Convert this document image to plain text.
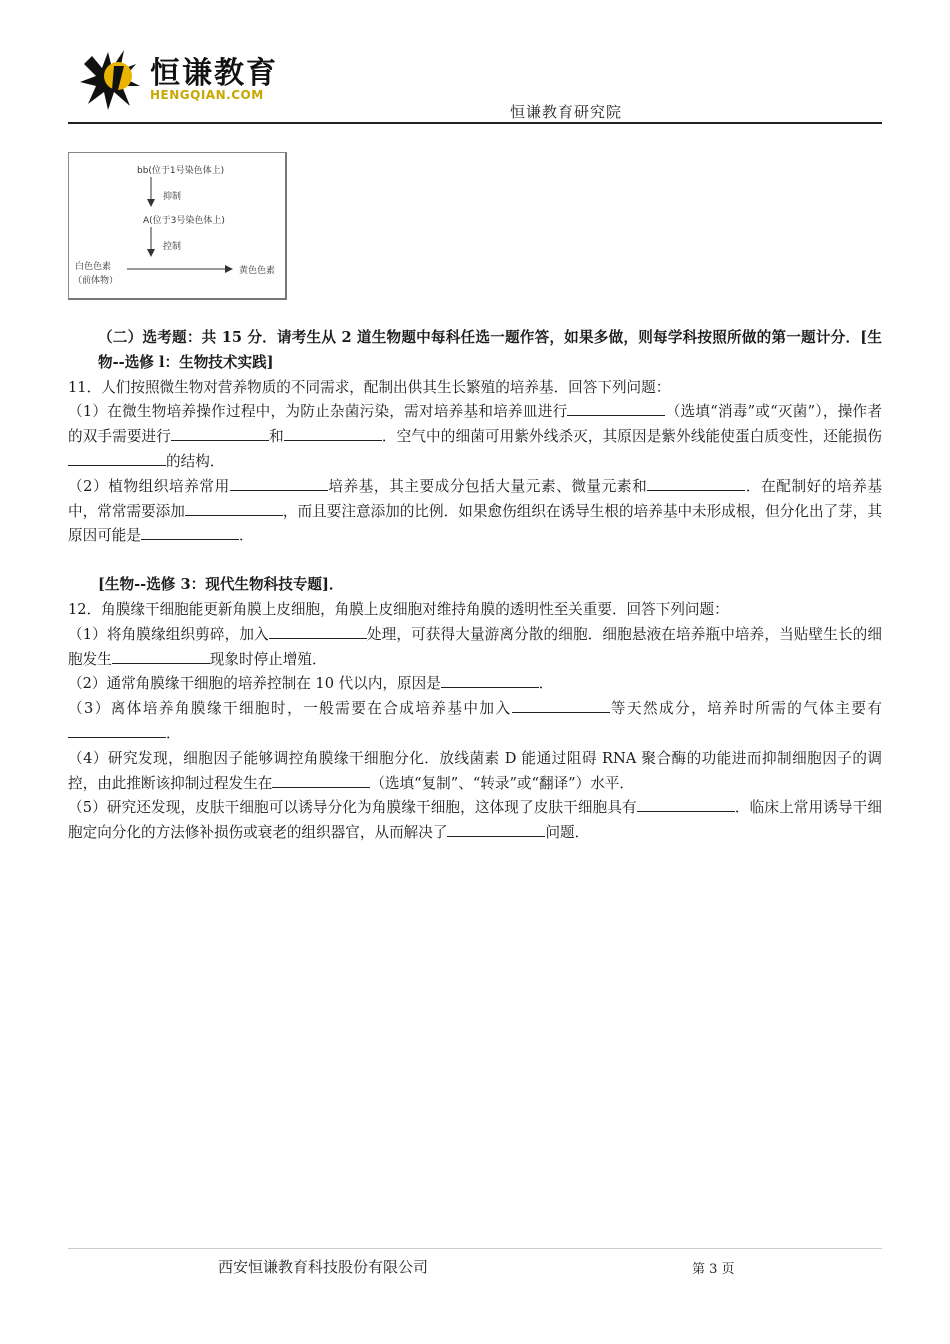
恒谦教育
HENGQIAN.COM
恒谦教育研究院
bb(位于1号染色体上)
抑制
A(位于3号染色体上)
控制
白色色素
（前体物）
黄色色素

（二）选考题：共 15 分．请考生从 2 道生物题中每科任选一题作答，如果多做，则每学科按照所做的第一题计分．[生物--选修 l：生物技术实践]

11．人们按照微生物对营养物质的不同需求，配制出供其生长繁殖的培养基．回答下列问题：

（1）在微生物培养操作过程中，为防止杂菌污染，需对培养基和培养皿进行	（选填“消毒”或“灭菌”），操作者的双手需要进行	和	．空气中的细菌可用紫外线杀灭，其原因是紫外线能使蛋白质变性，还能损伤的结构．

（2）植物组织培养常用	培养基，其主要成分包括大量元素、微量元素和	．在配制好的培养基中，常常需要添加	，而且要注意添加的比例．如果愈伤组织在诱导生根的培养基中未形成根，但分化出了芽，其原因可能是	．

[生物--选修 3：现代生物科技专题]．

12．角膜缘干细胞能更新角膜上皮细胞，角膜上皮细胞对维持角膜的透明性至关重要．回答下列问题：

（1）将角膜缘组织剪碎，加入	处理，可获得大量游离分散的细胞．细胞悬液在培养瓶中培养，当贴壁生长的细胞发生	现象时停止增殖．

（2）通常角膜缘干细胞的培养控制在 10 代以内，原因是	．

（3）离体培养角膜缘干细胞时，一般需要在合成培养基中加入	等天然成分，培养时所需的气体主要有．

（4）研究发现，细胞因子能够调控角膜缘干细胞分化．放线菌素 D 能通过阻碍 RNA 聚合酶的功能进而抑制细胞因子的调控，由此推断该抑制过程发生在	（选填“复制”、“转录”或“翻译”）水平．

（5）研究还发现，皮肤干细胞可以诱导分化为角膜缘干细胞，这体现了皮肤干细胞具有	．临床上常用诱导干细胞定向分化的方法修补损伤或衰老的组织器官，从而解决了	问题．

西安恒谦教育科技股份有限公司	第 3 页
